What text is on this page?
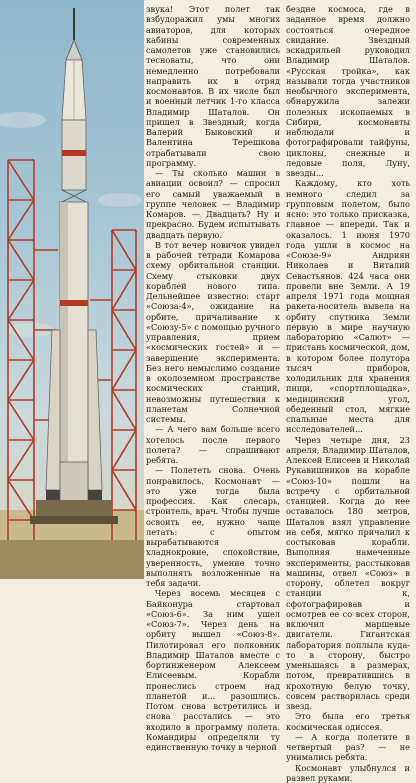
звука! Этот полет так взбудоражил умы многих авиаторов, для которых кабины современных самолетов уже становились тесноваты, что они немедленно потребовали направить их в отряд космонавтов. В их числе был и военный летчик 1-го класса Владимир Шаталов. Он пришел в Звездный, когда Валерий Быковский и Валентина Терешкова отрабатывали свою программу.

— Ты сколько машин в авиации освоил? — спросил его самый уважаемый в группе человек — Владимир Комаров. — Двадцать? Ну и прекрасно. Будем испытывать двадцать первую.

В тот вечер новичок увидел в рабочей тетради Комарова схему орбитальной станции. Схему стыковки двух кораблей нового типа. Дельнейшее известно: старт «Союза-4», ожидание на орбите, причаливание к «Союзу-5» с помощью ручного управления, прием «космических гостей» и — завершение эксперимента. Без него немыслимо создание в околоземном пространстве космических станций, невозможны путешествия к планетам Солнечной системы.

— А чего вам больше всего хотелось после первого полета? — спрашивают ребята.

— Полететь снова. Очень понравилось. Космонавт — это уже тогда была профессия. Как слесарь, строитель, врач. Чтобы лучше освоить ее, нужно чаще летать: с опытом вырабатываются хладнокровие, спокойствие, уверенность, умение точно выполнять возложенные на тебя задачи.

Через восемь месяцев с Байконура стартовал «Союз-6». За ним ушел «Союз-7». Через день на орбиту вышел «Союз-8». Пилотировал его полковник Владимир Шаталов вместе с бортинженером Алексеем Елисеевым. Корабли пронеслись строем над планетой и... разошлись. Потом снова встретились и снова расстались — это входило в программу полета. Командиры определяли ту единственную точку в черной

бездне космоса, где в заданное время должно состояться очередное свидание. Звездный эскадрильей руководил Владимир Шаталов. «Русская тройка», как называли тогда участников необычного эксперимента, обнаружила залежи полезных ископаемых в Сибири, космонавты наблюдали и фотографировали тайфуны, циклоны, снежные и ледовые поля, Луну, звезды...

Каждому, кто хоть немного следил за групповым полетом, было ясно: это только присказка, главное — впереди. Так и оказалось. 1 июня 1970 года ушли в космос на «Союзе-9» Андриян Николаев и Виталий Севастьянов. 424 часа они провели вне Земли. А 19 апреля 1971 года мощная ракета-носитель вывела на орбиту спутника Земли первую в мире научную лабораторию «Салют» — пристань космической, дом, в котором более полутора тысяч приборов, холодильник для хранения пищи, «спортплощадка», медицинский угол, обеденный стол, мягкие спальные места для исследователей...

Через четыре дня, 23 апреля, Владимир Шаталов, Алексей Елисеев и Николай Рукавишников на корабле «Союз-10» пошли на встречу с орбитальной станцией. Когда до нее оставалось 180 метров, Шаталов взял управление на себя, мягко причалил к состыковав корабли. Выполняя намеченные эксперименты, расстыковав машины, отвел «Союз» в сторону, облетел вокруг станции к, сфотографировав и осмотрев ее со всех сторон, включил маршевые двигатели. Гигантская лаборатория поплыла куда-то в сторону, быстро уменьшаясь в размерах, потом, превратившись в крохотную белую точку, совсем растворилась среди звезд.

Это была его третья космическая одиссея.

— А когда полетите в четвертый раз? — не унимались ребята.

Космонавт улыбнулся и развел руками.
